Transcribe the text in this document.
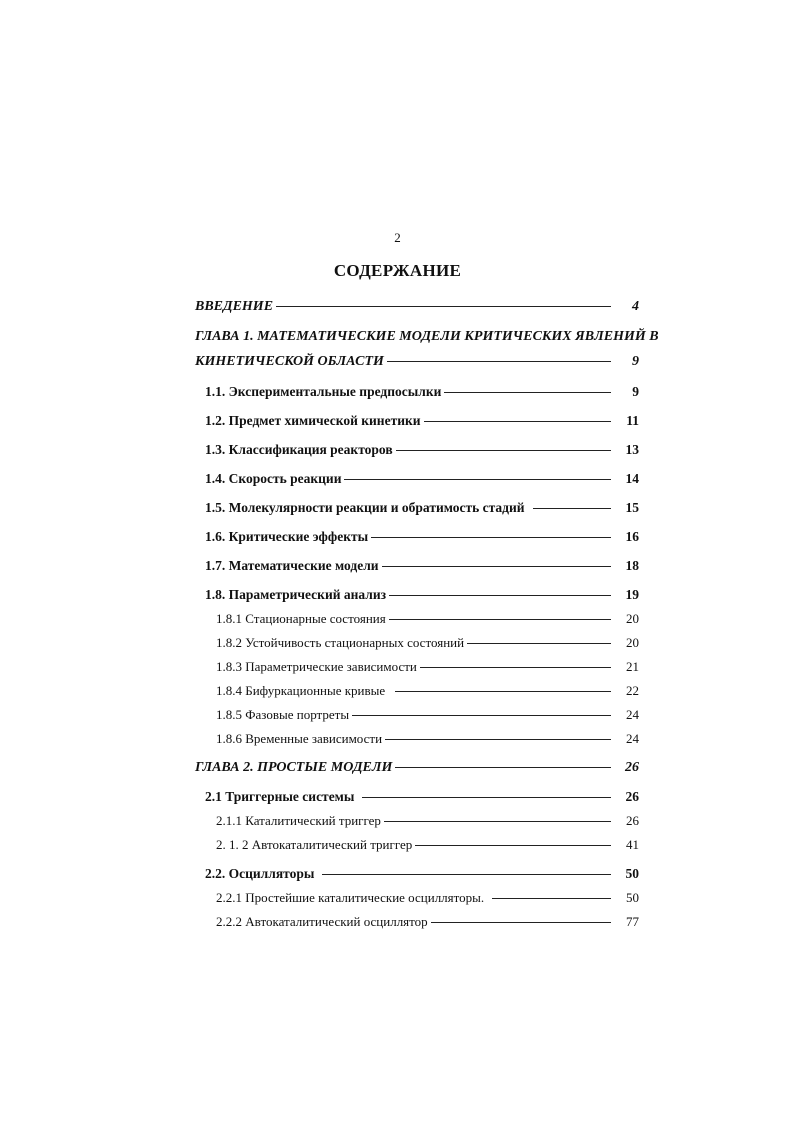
2
СОДЕРЖАНИЕ
ВВЕДЕНИЕ	4
ГЛАВА 1. МАТЕМАТИЧЕСКИЕ МОДЕЛИ КРИТИЧЕСКИХ ЯВЛЕНИЙ В
КИНЕТИЧЕСКОЙ ОБЛАСТИ	9
1.1. Экспериментальные предпосылки	9
1.2. Предмет химической кинетики	11
1.3. Классификация реакторов	13
1.4. Скорость реакции	14
1.5. Молекулярности реакции и обратимость стадий	15
1.6. Критические эффекты	16
1.7. Математические модели	18
1.8. Параметрический анализ	19
1.8.1 Стационарные состояния	20
1.8.2 Устойчивость стационарных состояний	20
1.8.3 Параметрические зависимости	21
1.8.4 Бифуркационные кривые	22
1.8.5 Фазовые портреты	24
1.8.6 Временные зависимости	24
ГЛАВА 2. ПРОСТЫЕ МОДЕЛИ	26
2.1 Триггерные системы	26
2.1.1 Каталитический триггер	26
2. 1. 2 Автокаталитический триггер	41
2.2. Осцилляторы	50
2.2.1 Простейшие каталитические осцилляторы.	50
2.2.2 Автокаталитический осциллятор	77
